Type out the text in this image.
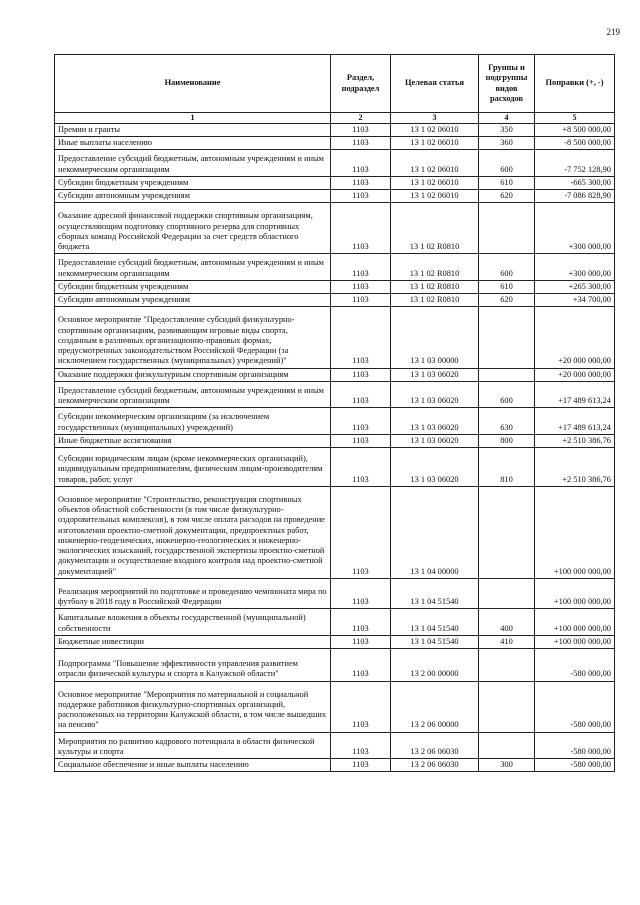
219
Наименование	Раздел, подраздел	Целевая статья	Группы и подгруппы видов расходов	Поправки (+, -)
1	2	3	4	5
Премии и гранты	1103	13 1 02 06010	350	+8 500 000,00
Иные выплаты населению	1103	13 1 02 06010	360	-8 500 000,00
Предоставление субсидий бюджетным, автономным учреждениям и иным некоммерческим организациям	1103	13 1 02 06010	600	-7 752 128,90
Субсидии бюджетным учреждениям	1103	13 1 02 06010	610	-665 300,00
Субсидии автономным учреждениям	1103	13 1 02 06010	620	-7 086 828,90
Оказание адресной финансовой поддержки спортивным организациям, осуществляющим подготовку спортивного резерва для спортивных сборных команд Российской Федерации за счет средств областного бюджета	1103	13 1 02 R0810		+300 000,00
Предоставление субсидий бюджетным, автономным учреждениям и иным некоммерческим организациям	1103	13 1 02 R0810	600	+300 000,00
Субсидии бюджетным учреждениям	1103	13 1 02 R0810	610	+265 300,00
Субсидии автономным учреждениям	1103	13 1 02 R0810	620	+34 700,00
Основное мероприятие "Предоставление субсидий физкультурно-спортивным организациям, развивающим игровые виды спорта, созданным в различных организационно-правовых формах, предусмотренных законодательством Российской Федерации (за исключением государственных (муниципальных) учреждений)"	1103	13 1 03 00000		+20 000 000,00
Оказание поддержки физкультурным спортивным организациям	1103	13 1 03 06020		+20 000 000,00
Предоставление субсидий бюджетным, автономным учреждениям и иным некоммерческим организациям	1103	13 1 03 06020	600	+17 489 613,24
Субсидии некоммерческим организациям (за исключением государственных (муниципальных) учреждений)	1103	13 1 03 06020	630	+17 489 613,24
Иные бюджетные ассигнования	1103	13 1 03 06020	800	+2 510 386,76
Субсидии юридическим лицам (кроме некоммерческих организаций), индивидуальным предпринимателям, физическим лицам-производителям товаров, работ, услуг	1103	13 1 03 06020	810	+2 510 386,76
Основное мероприятие "Строительство, реконструкция спортивных объектов областной собственности (в том числе физкультурно-оздоровительных комплексов), в том числе оплата расходов на проведение изготовления проектно-сметной документации, предпроектных работ, инженерно-геодезических, инженерно-геологических и инженерно-экологических изысканий, государственной экспертизы проектно-сметной документации и осуществление входного контроля над проектно-сметной документацией"	1103	13 1 04 00000		+100 000 000,00
Реализация мероприятий по подготовке и проведению чемпионата мира по футболу в 2018 году в Российской Федерации	1103	13 1 04 51540		+100 000 000,00
Капитальные вложения в объекты государственной (муниципальной) собственности	1103	13 1 04 51540	400	+100 000 000,00
Бюджетные инвестиции	1103	13 1 04 51540	410	+100 000 000,00
Подпрограмма "Повышение эффективности управления развитием отрасли физической культуры и спорта в Калужской области"	1103	13 2 00 00000		-580 000,00
Основное мероприятие "Мероприятия по материальной и социальной поддержке работников физкультурно-спортивных организаций, расположенных на территории Калужской области, в том числе вышедших на пенсию"	1103	13 2 06 00000		-580 000,00
Мероприятия по развитию кадрового потенциала в области физической культуры и спорта	1103	13 2 06 06030		-580 000,00
Социальное обеспечение и иные выплаты населению	1103	13 2 06 06030	300	-580 000,00
